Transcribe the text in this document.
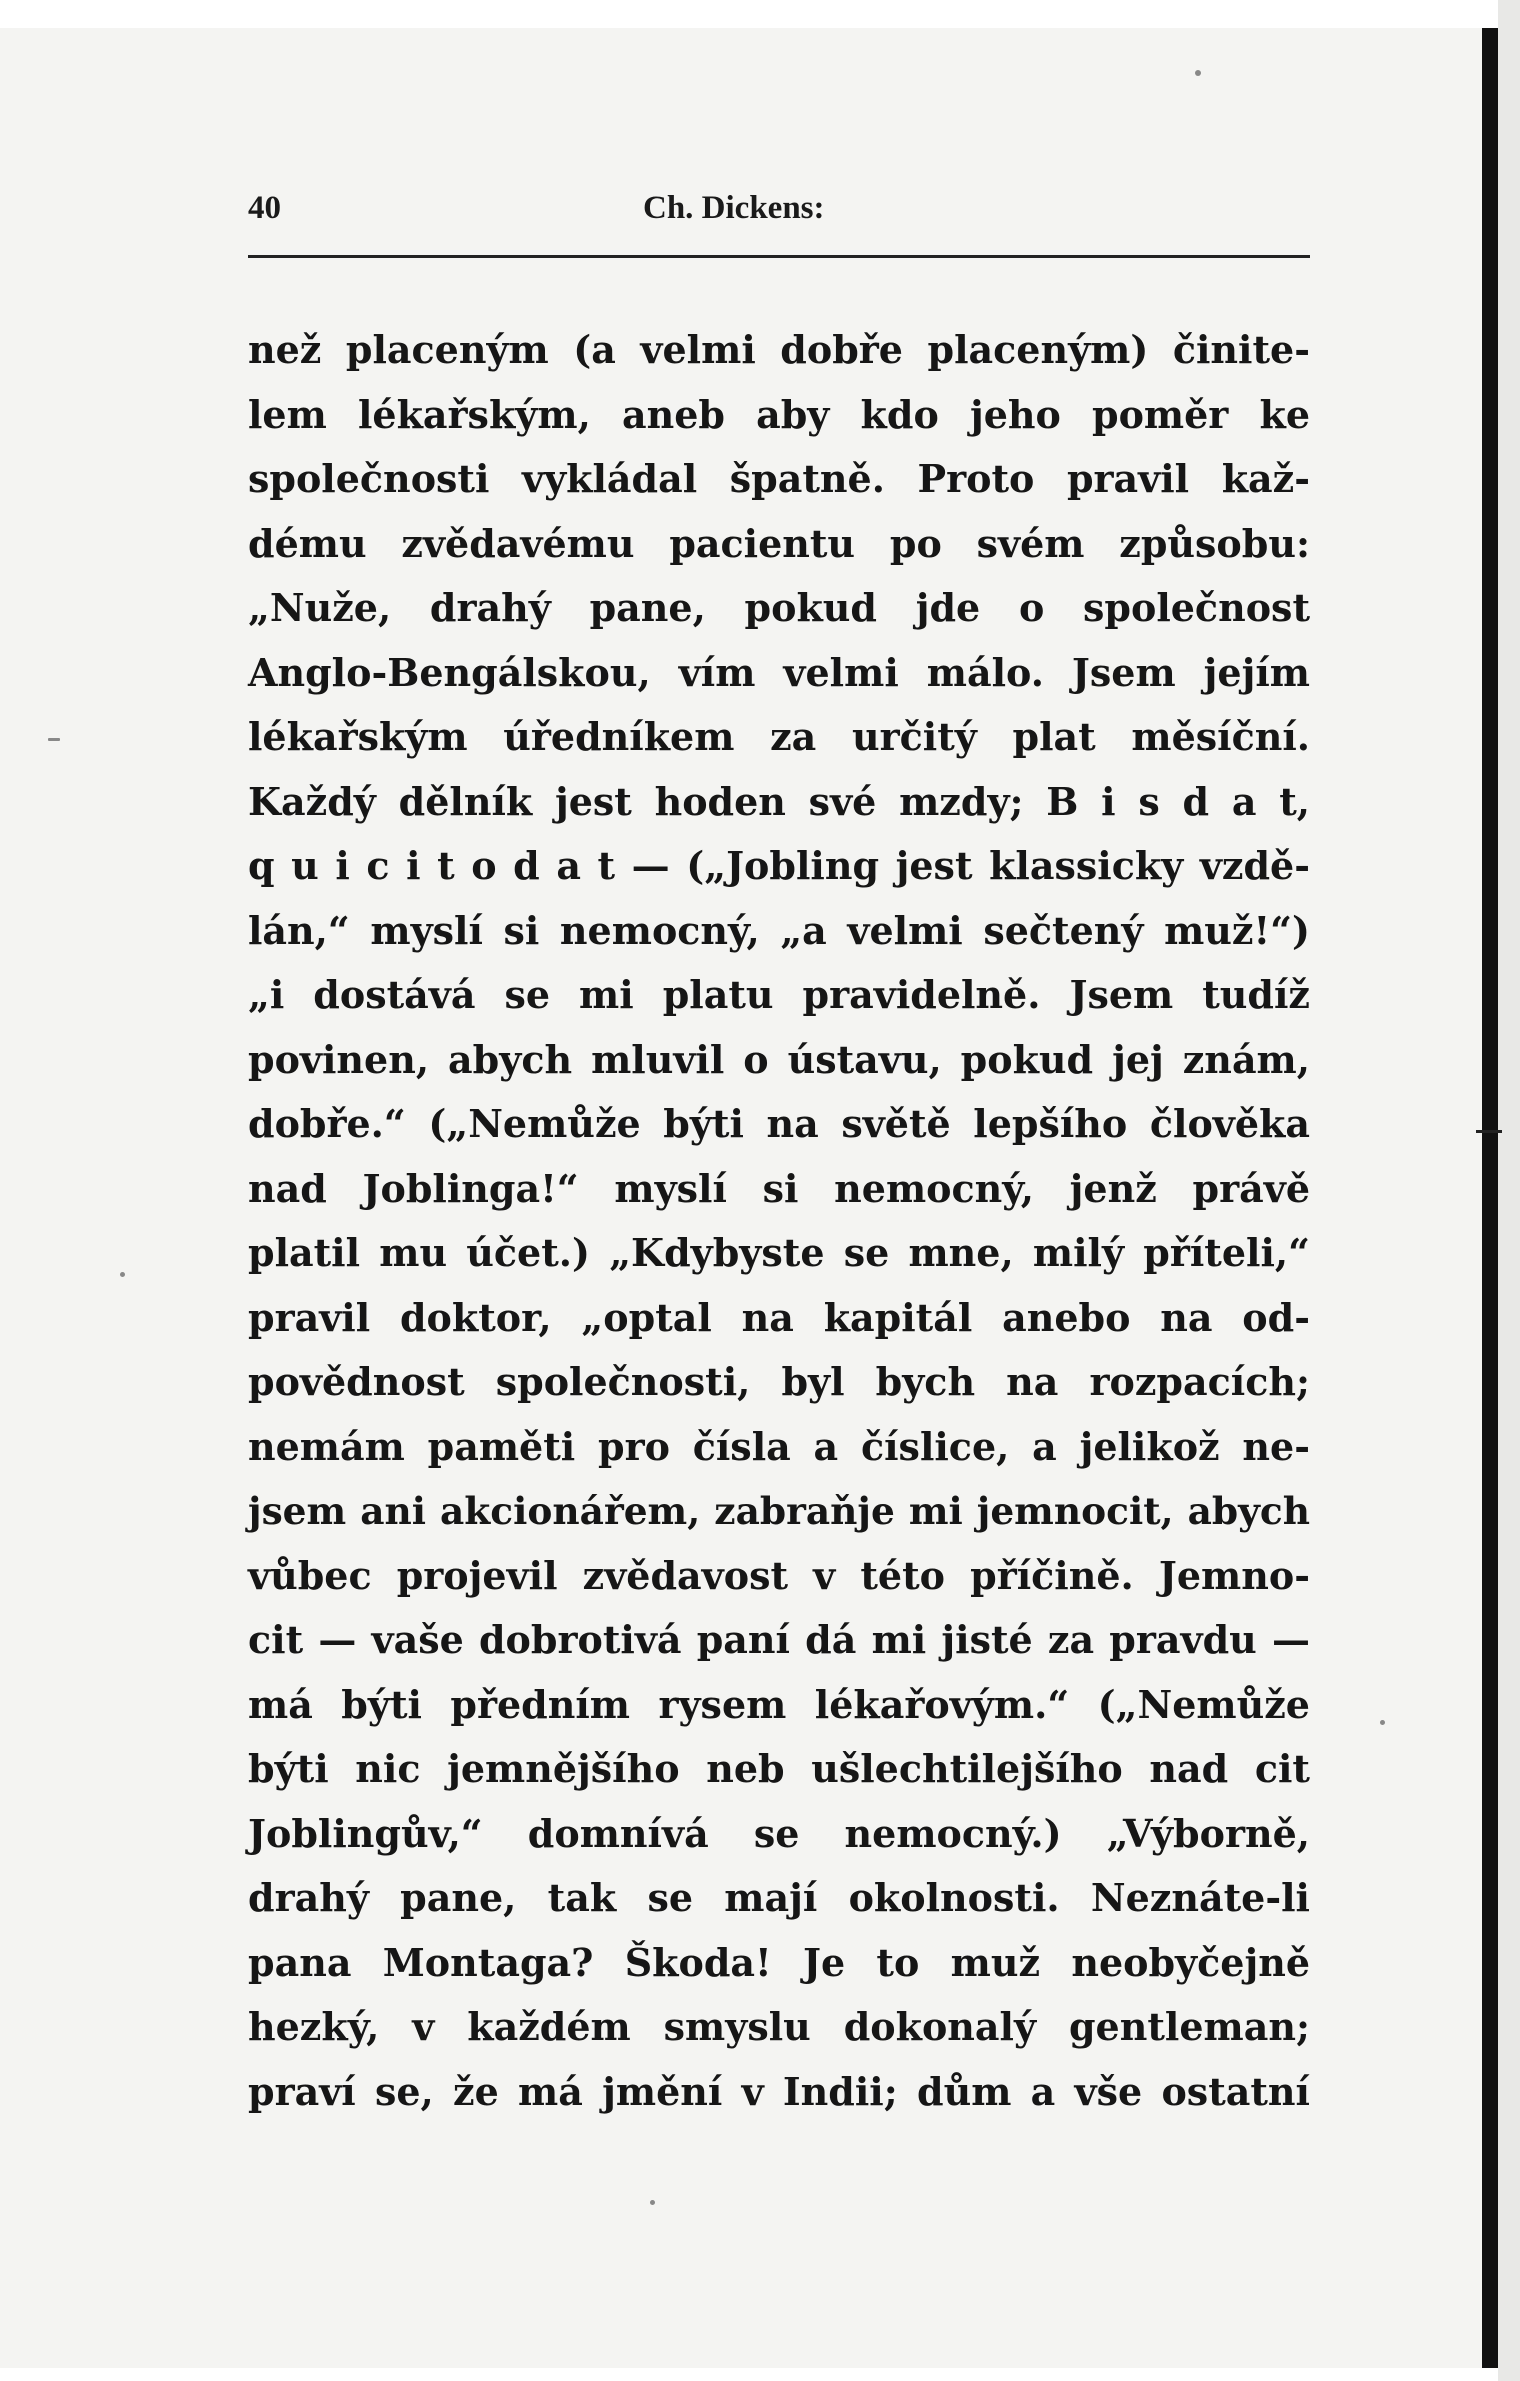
40	Ch. Dickens:
než placeným (a velmi dobře placeným) činite-
lem lékařským, aneb aby kdo jeho poměr ke
společnosti vykládal špatně. Proto pravil kaž-
dému zvědavému pacientu po svém způsobu:
„Nuže, drahý pane, pokud jde o společnost
Anglo-Bengálskou, vím velmi málo. Jsem jejím
lékařským úředníkem za určitý plat měsíční.
Každý dělník jest hoden své mzdy; B i s d a t,
q u i c i t o d a t — („Jobling jest klassicky vzdě-
lán,“ myslí si nemocný, „a velmi sečtený muž!“)
„i dostává se mi platu pravidelně. Jsem tudíž
povinen, abych mluvil o ústavu, pokud jej znám,
dobře.“ („Nemůže býti na světě lepšího člověka
nad Joblinga!“ myslí si nemocný, jenž právě
platil mu účet.) „Kdybyste se mne, milý příteli,“
pravil doktor, „optal na kapitál anebo na od-
povědnost společnosti, byl bych na rozpacích;
nemám paměti pro čísla a číslice, a jelikož ne-
jsem ani akcionářem, zabraňje mi jemnocit, abych
vůbec projevil zvědavost v této příčině. Jemno-
cit — vaše dobrotivá paní dá mi jisté za pravdu —
má býti předním rysem lékařovým.“ („Nemůže
býti nic jemnějšího neb ušlechtilejšího nad cit
Joblingův,“ domnívá se nemocný.) „Výborně,
drahý pane, tak se mají okolnosti. Neznáte-li
pana Montaga? Škoda! Je to muž neobyčejně
hezký, v každém smyslu dokonalý gentleman;
praví se, že má jmění v Indii; dům a vše ostatní
